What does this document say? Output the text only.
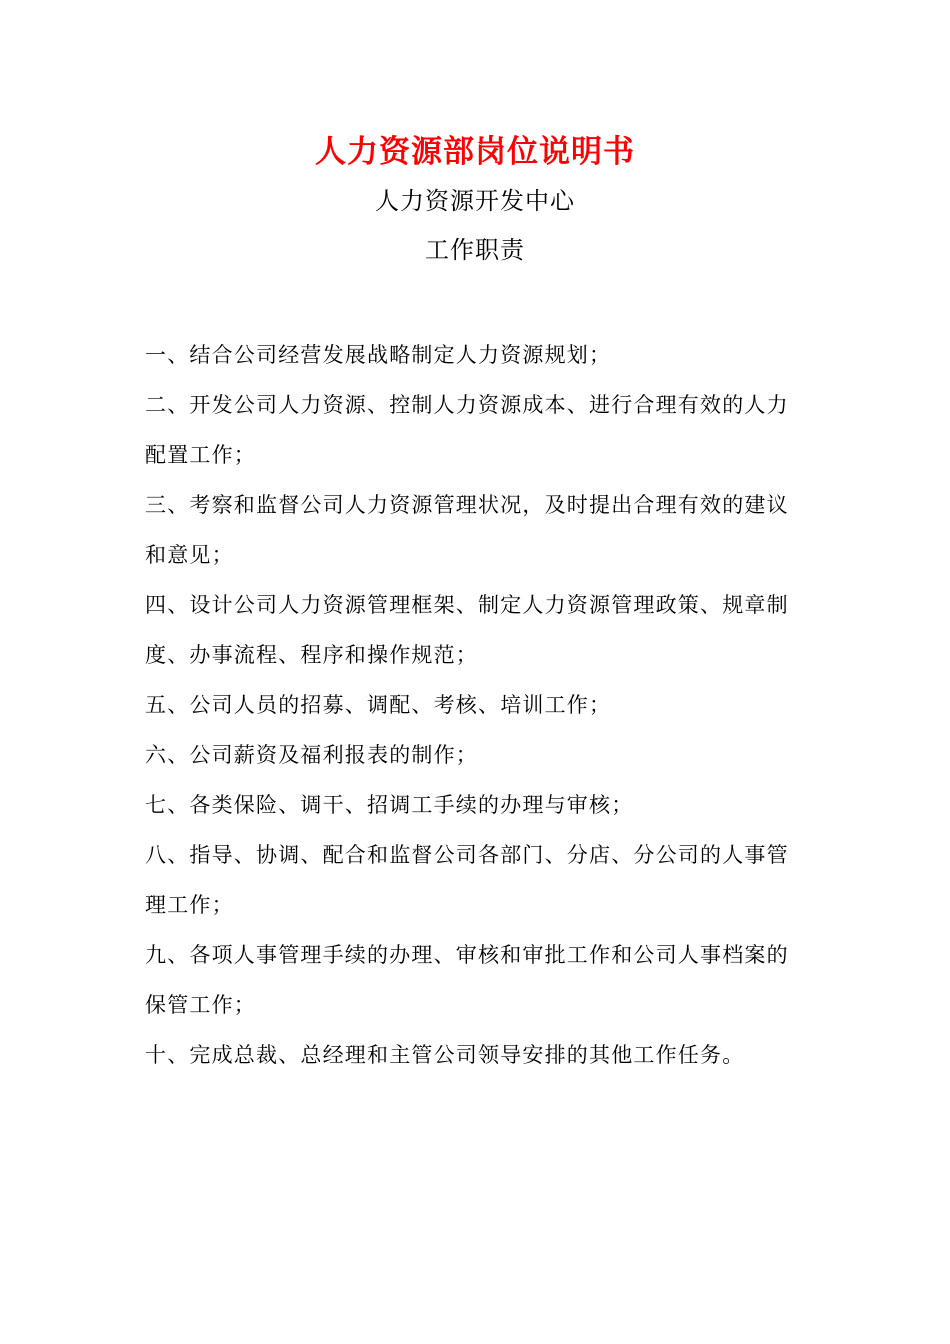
人力资源部岗位说明书
人力资源开发中心
工作职责

一、结合公司经营发展战略制定人力资源规划；

二、开发公司人力资源、控制人力资源成本、进行合理有效的人力配置工作；

三、考察和监督公司人力资源管理状况，及时提出合理有效的建议和意见；

四、设计公司人力资源管理框架、制定人力资源管理政策、规章制度、办事流程、程序和操作规范；

五、公司人员的招募、调配、考核、培训工作；

六、公司薪资及福利报表的制作；

七、各类保险、调干、招调工手续的办理与审核；

八、指导、协调、配合和监督公司各部门、分店、分公司的人事管理工作；

九、各项人事管理手续的办理、审核和审批工作和公司人事档案的保管工作；

十、完成总裁、总经理和主管公司领导安排的其他工作任务。
